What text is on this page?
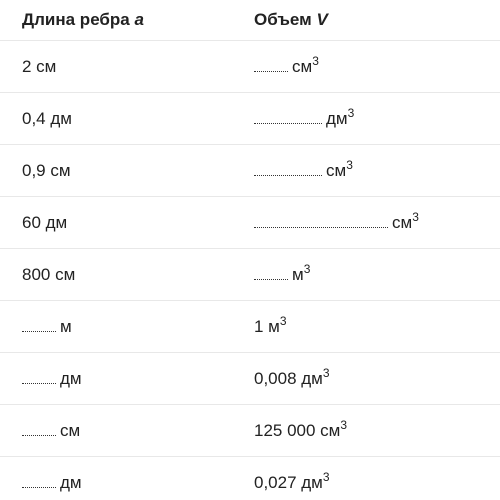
Длина ребра a	Объем V
2 см	$см^3$
0,4 дм	$дм^3$
0,9 см	$см^3$
60 дм	$см^3$
800 см	$м^3$
м	1 $м^3$
дм	0,008 $дм^3$
см	125 000 $см^3$
дм	0,027 $дм^3$
